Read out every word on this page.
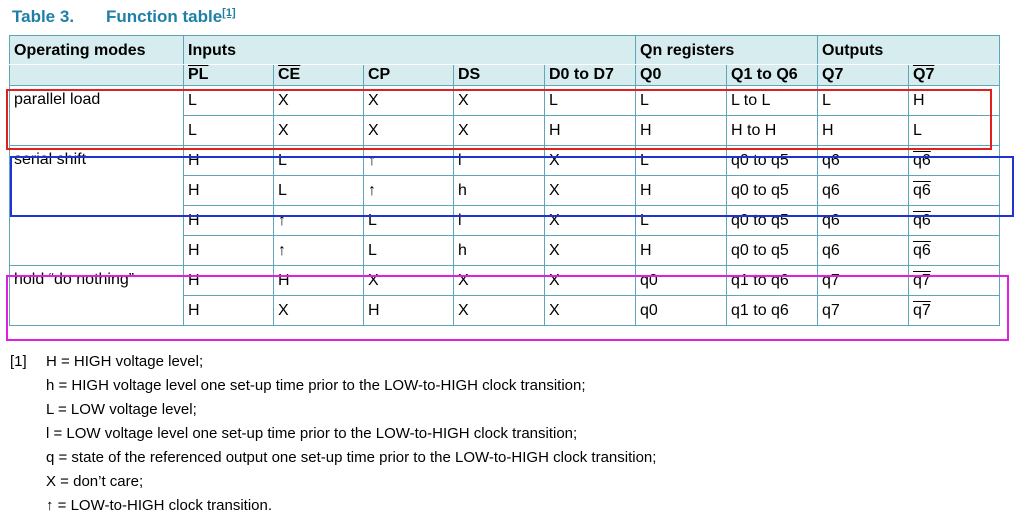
Table 3. Function table[1]
Operating modes	Inputs					Qn registers		Outputs	
	$\overline{PL}$	$\overline{CE}$	CP	DS	D0 to D7	Q0	Q1 to Q6	Q7	Q7
parallel load	L	X	X	X	L	L	L to L	L	H
	L	X	X	X	H	H	H to H	H	L
serial shift	H	L	↑	l	X	L	q0 to q5	q6	q6
	H	L	↑	h	X	H	q0 to q5	q6	q6
	H	↑	L	l	X	L	q0 to q5	q6	q6
	H	↑	L	h	X	H	q0 to q5	q6	q6
hold “do nothing”	H	H	X	X	X	q0	q1 to q6	q7	q7
	H	X	H	X	X	q0	q1 to q6	q7	q7
[1] H = HIGH voltage level;
h = HIGH voltage level one set-up time prior to the LOW-to-HIGH clock transition;
L = LOW voltage level;
l = LOW voltage level one set-up time prior to the LOW-to-HIGH clock transition;
q = state of the referenced output one set-up time prior to the LOW-to-HIGH clock transition;
X = don’t care;
↑ = LOW-to-HIGH clock transition.
